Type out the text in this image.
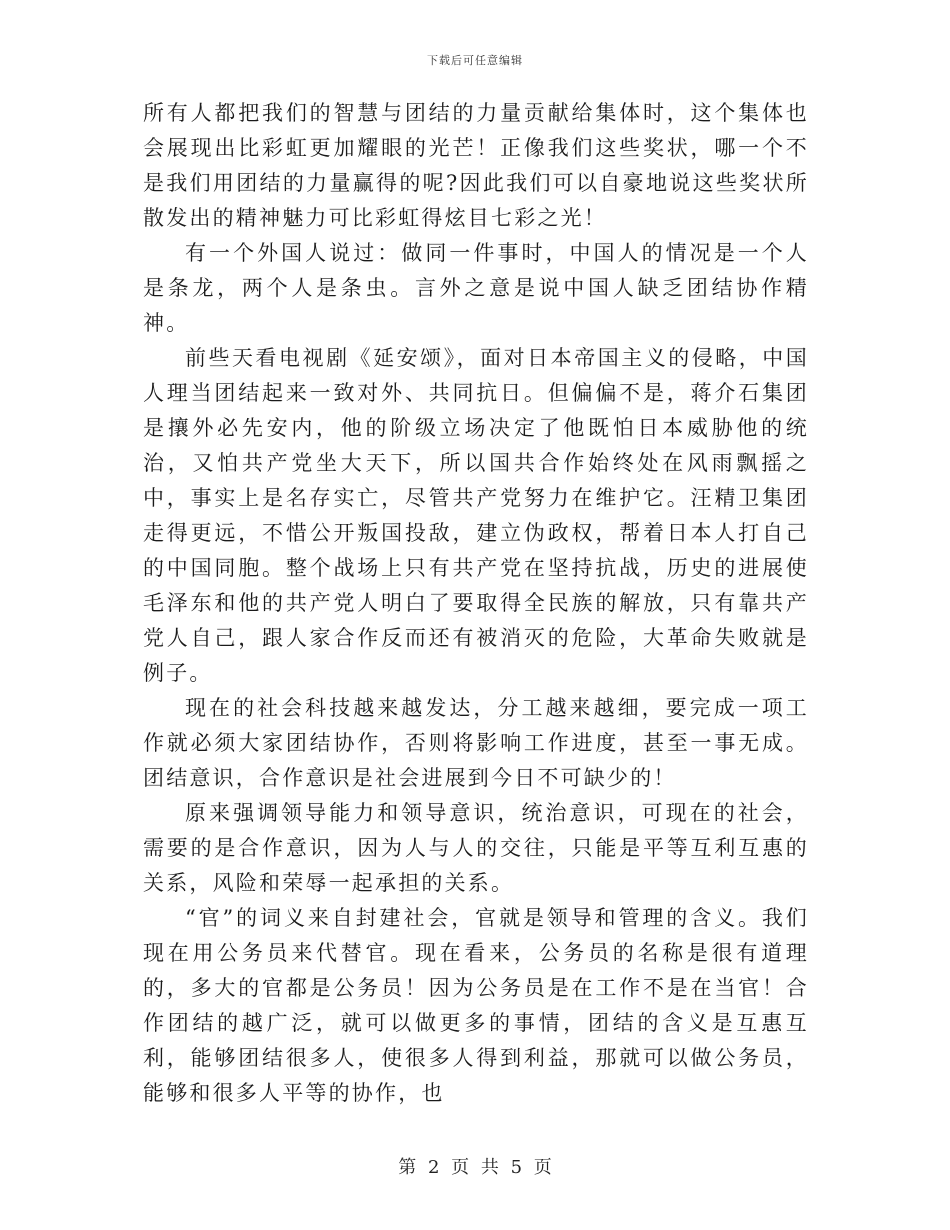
下载后可任意编辑

所有人都把我们的智慧与团结的力量贡献给集体时，这个集体也会展现出比彩虹更加耀眼的光芒！正像我们这些奖状，哪一个不是我们用团结的力量赢得的呢?因此我们可以自豪地说这些奖状所散发出的精神魅力可比彩虹得炫目七彩之光！

有一个外国人说过：做同一件事时，中国人的情况是一个人是条龙，两个人是条虫。言外之意是说中国人缺乏团结协作精神。

前些天看电视剧《延安颂》，面对日本帝国主义的侵略，中国人理当团结起来一致对外、共同抗日。但偏偏不是，蒋介石集团是攘外必先安内，他的阶级立场决定了他既怕日本威胁他的统治，又怕共产党坐大天下，所以国共合作始终处在风雨飘摇之中，事实上是名存实亡，尽管共产党努力在维护它。汪精卫集团走得更远，不惜公开叛国投敌，建立伪政权，帮着日本人打自己的中国同胞。整个战场上只有共产党在坚持抗战，历史的进展使毛泽东和他的共产党人明白了要取得全民族的解放，只有靠共产党人自己，跟人家合作反而还有被消灭的危险，大革命失败就是例子。

现在的社会科技越来越发达，分工越来越细，要完成一项工作就必须大家团结协作，否则将影响工作进度，甚至一事无成。团结意识，合作意识是社会进展到今日不可缺少的！

原来强调领导能力和领导意识，统治意识，可现在的社会，需要的是合作意识，因为人与人的交往，只能是平等互利互惠的关系，风险和荣辱一起承担的关系。

“官”的词义来自封建社会，官就是领导和管理的含义。我们现在用公务员来代替官。现在看来，公务员的名称是很有道理的，多大的官都是公务员！因为公务员是在工作不是在当官！合作团结的越广泛，就可以做更多的事情，团结的含义是互惠互利，能够团结很多人，使很多人得到利益，那就可以做公务员，能够和很多人平等的协作，也

第 2 页 共 5 页
